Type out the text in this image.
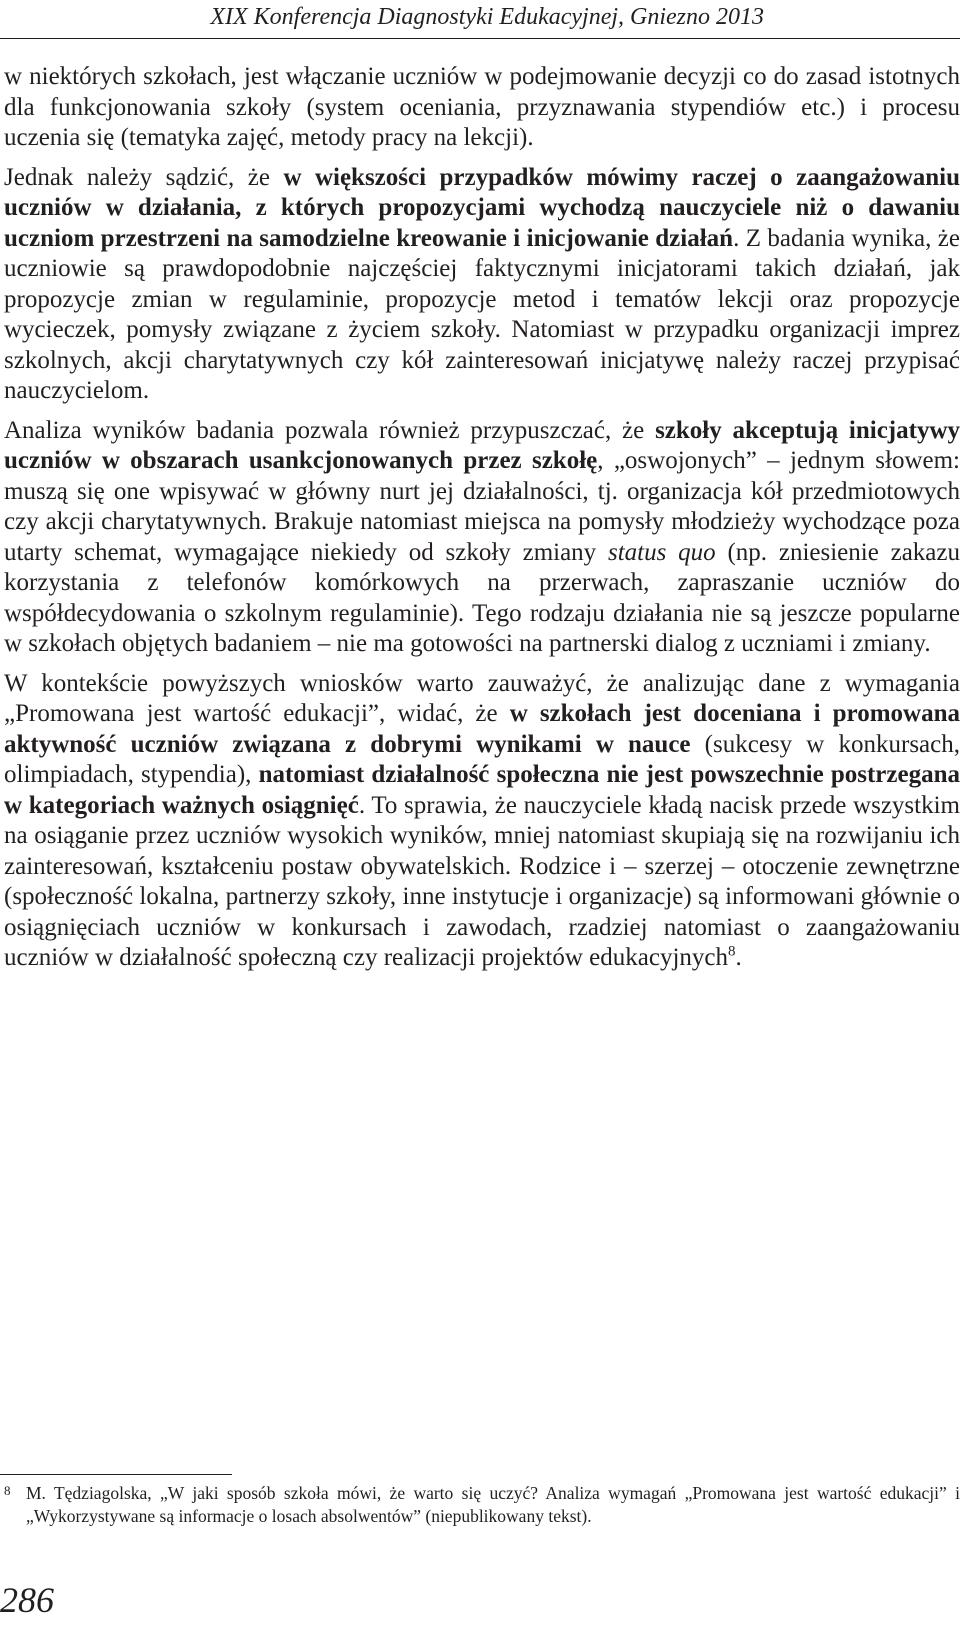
XIX Konferencja Diagnostyki Edukacyjnej, Gniezno 2013

w niektórych szkołach, jest włączanie uczniów w podejmowanie decyzji co do zasad istotnych dla funkcjonowania szkoły (system oceniania, przyznawania stypendiów etc.) i procesu uczenia się (tematyka zajęć, metody pracy na lekcji).

Jednak należy sądzić, że w większości przypadków mówimy raczej o zaangażowaniu uczniów w działania, z których propozycjami wychodzą nauczyciele niż o dawaniu uczniom przestrzeni na samodzielne kreowanie i inicjowanie działań. Z badania wynika, że uczniowie są prawdopodobnie najczęściej faktycznymi inicjatorami takich działań, jak propozycje zmian w regulaminie, propozycje metod i tematów lekcji oraz propozycje wycieczek, pomysły związane z życiem szkoły. Natomiast w przypadku organizacji imprez szkolnych, akcji charytatywnych czy kół zainteresowań inicjatywę należy raczej przypisać nauczycielom.

Analiza wyników badania pozwala również przypuszczać, że szkoły akceptują inicjatywy uczniów w obszarach usankcjonowanych przez szkołę, „oswojonych” – jednym słowem: muszą się one wpisywać w główny nurt jej działalności, tj. organizacja kół przedmiotowych czy akcji charytatywnych. Brakuje natomiast miejsca na pomysły młodzieży wychodzące poza utarty schemat, wymagające niekiedy od szkoły zmiany status quo (np. zniesienie zakazu korzystania z telefonów komórkowych na przerwach, zapraszanie uczniów do współdecydowania o szkolnym regulaminie). Tego rodzaju działania nie są jeszcze popularne w szkołach objętych badaniem – nie ma gotowości na partnerski dialog z uczniami i zmiany.

W kontekście powyższych wniosków warto zauważyć, że analizując dane z wymagania „Promowana jest wartość edukacji”, widać, że w szkołach jest doceniana i promowana aktywność uczniów związana z dobrymi wynikami w nauce (sukcesy w konkursach, olimpiadach, stypendia), natomiast działalność społeczna nie jest powszechnie postrzegana w kategoriach ważnych osiągnięć. To sprawia, że nauczyciele kładą nacisk przede wszystkim na osiąganie przez uczniów wysokich wyników, mniej natomiast skupiają się na rozwijaniu ich zainteresowań, kształceniu postaw obywatelskich. Rodzice i – szerzej – otoczenie zewnętrzne (społeczność lokalna, partnerzy szkoły, inne instytucje i organizacje) są informowani głównie o osiągnięciach uczniów w konkursach i zawodach, rzadziej natomiast o zaangażowaniu uczniów w działalność społeczną czy realizacji projektów edukacyjnych$^8$.

8 M. Tędziagolska, „W jaki sposób szkoła mówi, że warto się uczyć? Analiza wymagań „Promowana jest wartość edukacji” i „Wykorzystywane są informacje o losach absolwentów” (niepublikowany tekst).
286
